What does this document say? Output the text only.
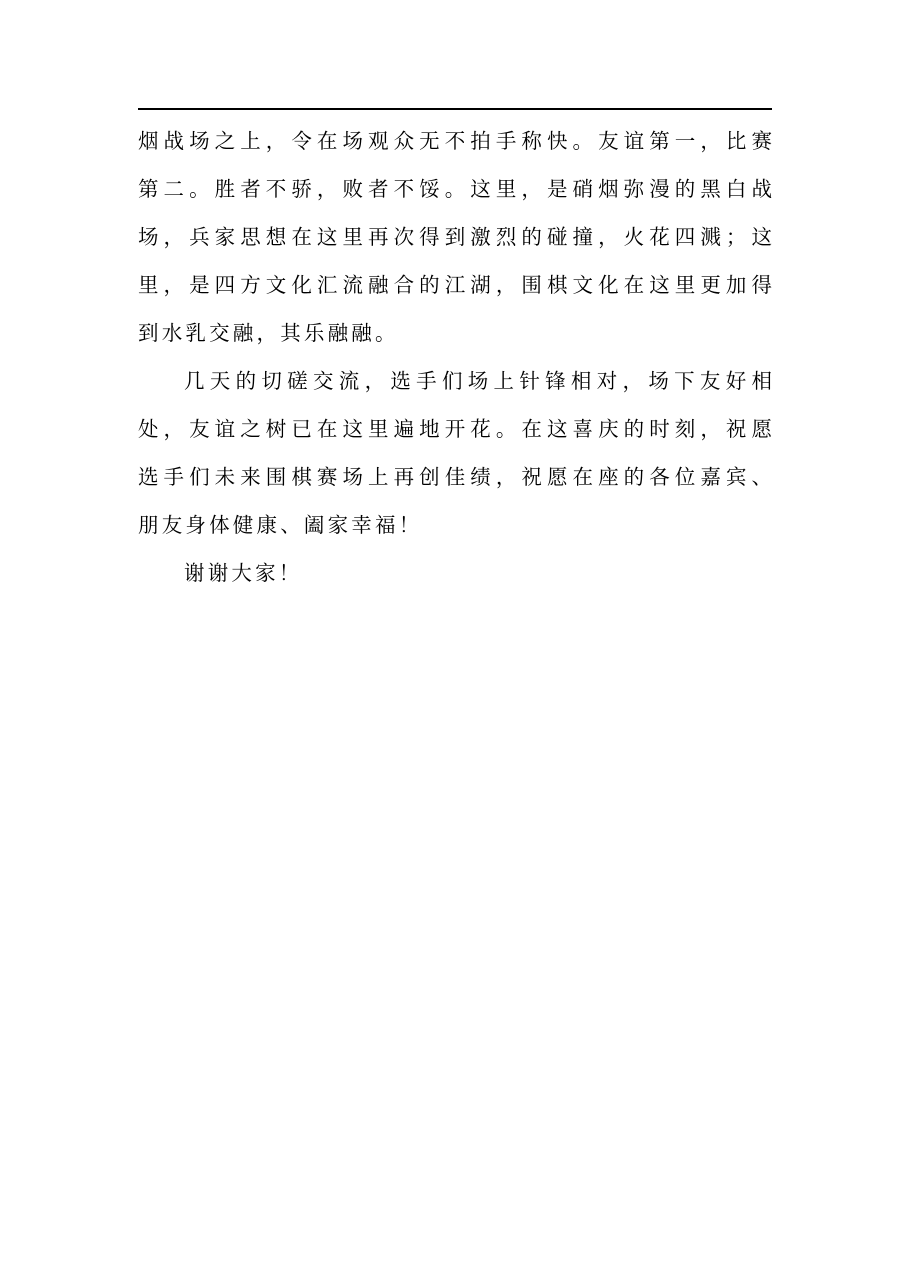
烟战场之上，令在场观众无不拍手称快。友谊第一，比赛
第二。胜者不骄，败者不馁。这里，是硝烟弥漫的黑白战
场，兵家思想在这里再次得到激烈的碰撞，火花四溅；这
里，是四方文化汇流融合的江湖，围棋文化在这里更加得
到水乳交融，其乐融融。
几天的切磋交流，选手们场上针锋相对，场下友好相
处，友谊之树已在这里遍地开花。在这喜庆的时刻，祝愿
选手们未来围棋赛场上再创佳绩，祝愿在座的各位嘉宾、
朋友身体健康、阖家幸福！
谢谢大家！
